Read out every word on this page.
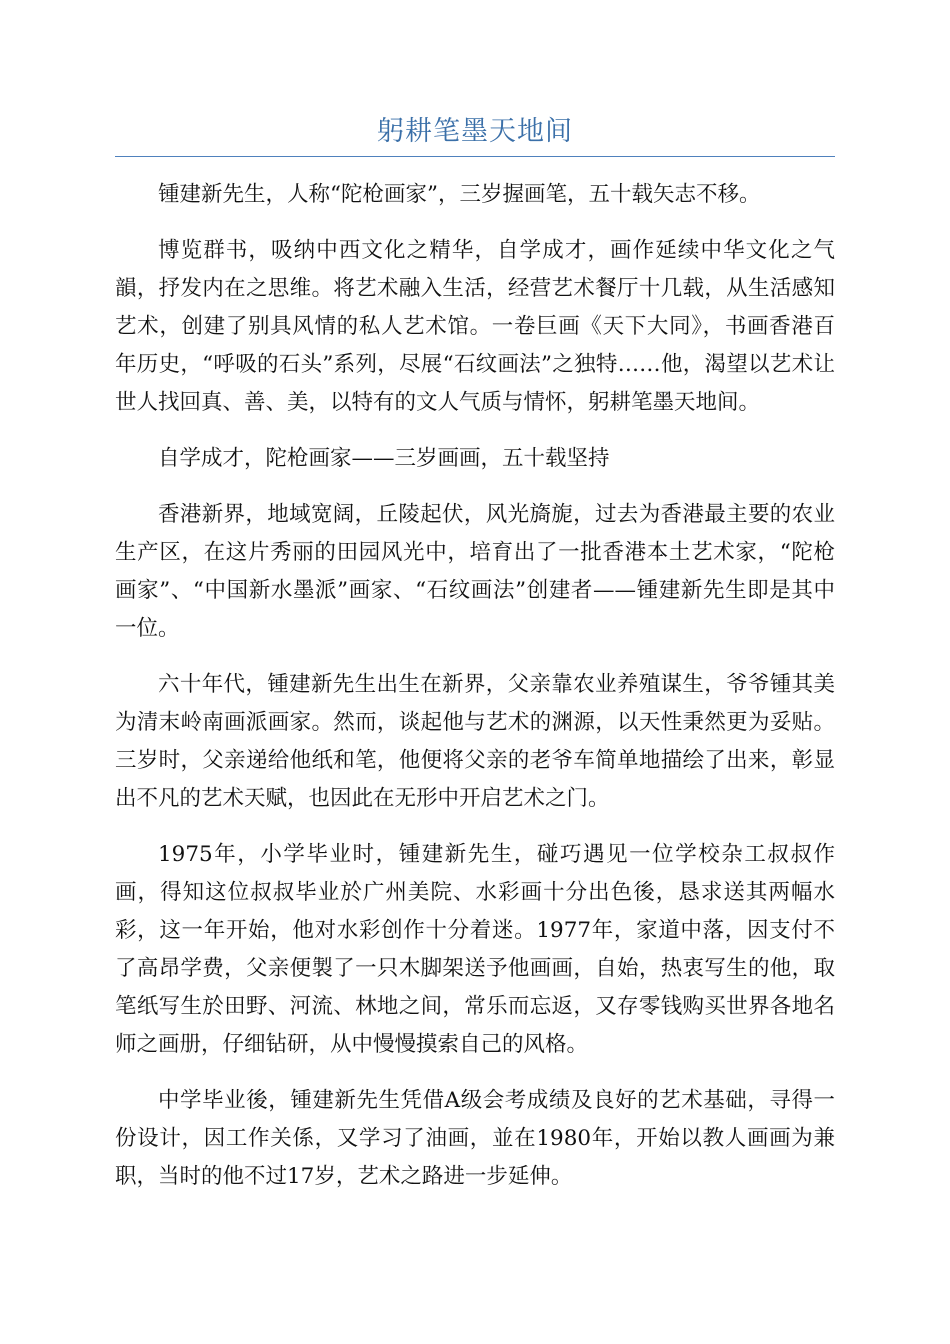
躬耕笔墨天地间

锺建新先生，人称“陀枪画家”，三岁握画笔，五十载矢志不移。

博览群书，吸纳中西文化之精华，自学成才，画作延续中华文化之气韻，抒发内在之思维。将艺术融入生活，经营艺术餐厅十几载，从生活感知艺术，创建了别具风情的私人艺术馆。一卷巨画《天下大同》，书画香港百年历史，“呼吸的石头”系列，尽展“石纹画法”之独特……他，渴望以艺术让世人找回真、善、美，以特有的文人气质与情怀，躬耕笔墨天地间。

自学成才，陀枪画家——三岁画画，五十载坚持

香港新界，地域宽阔，丘陵起伏，风光旖旎，过去为香港最主要的农业生产区，在这片秀丽的田园风光中，培育出了一批香港本土艺术家，“陀枪画家”、“中国新水墨派”画家、“石纹画法”创建者——锺建新先生即是其中一位。

六十年代，锺建新先生出生在新界，父亲靠农业养殖谋生，爷爷锺其美为清末岭南画派画家。然而，谈起他与艺术的渊源，以天性秉然更为妥贴。三岁时，父亲递给他纸和笔，他便将父亲的老爷车简单地描绘了出来，彰显出不凡的艺术天赋，也因此在无形中开启艺术之门。

1975年，小学毕业时，锺建新先生，碰巧遇见一位学校杂工叔叔作画，得知这位叔叔毕业於广州美院、水彩画十分出色後，恳求送其两幅水彩，这一年开始，他对水彩创作十分着迷。1977年，家道中落，因支付不了高昂学费，父亲便製了一只木脚架送予他画画，自始，热衷写生的他，取笔纸写生於田野、河流、林地之间，常乐而忘返，又存零钱购买世界各地名师之画册，仔细钻研，从中慢慢摸索自己的风格。

中学毕业後，锺建新先生凭借A级会考成绩及良好的艺术基础，寻得一份设计，因工作关係，又学习了油画，並在1980年，开始以教人画画为兼职，当时的他不过17岁，艺术之路进一步延伸。
